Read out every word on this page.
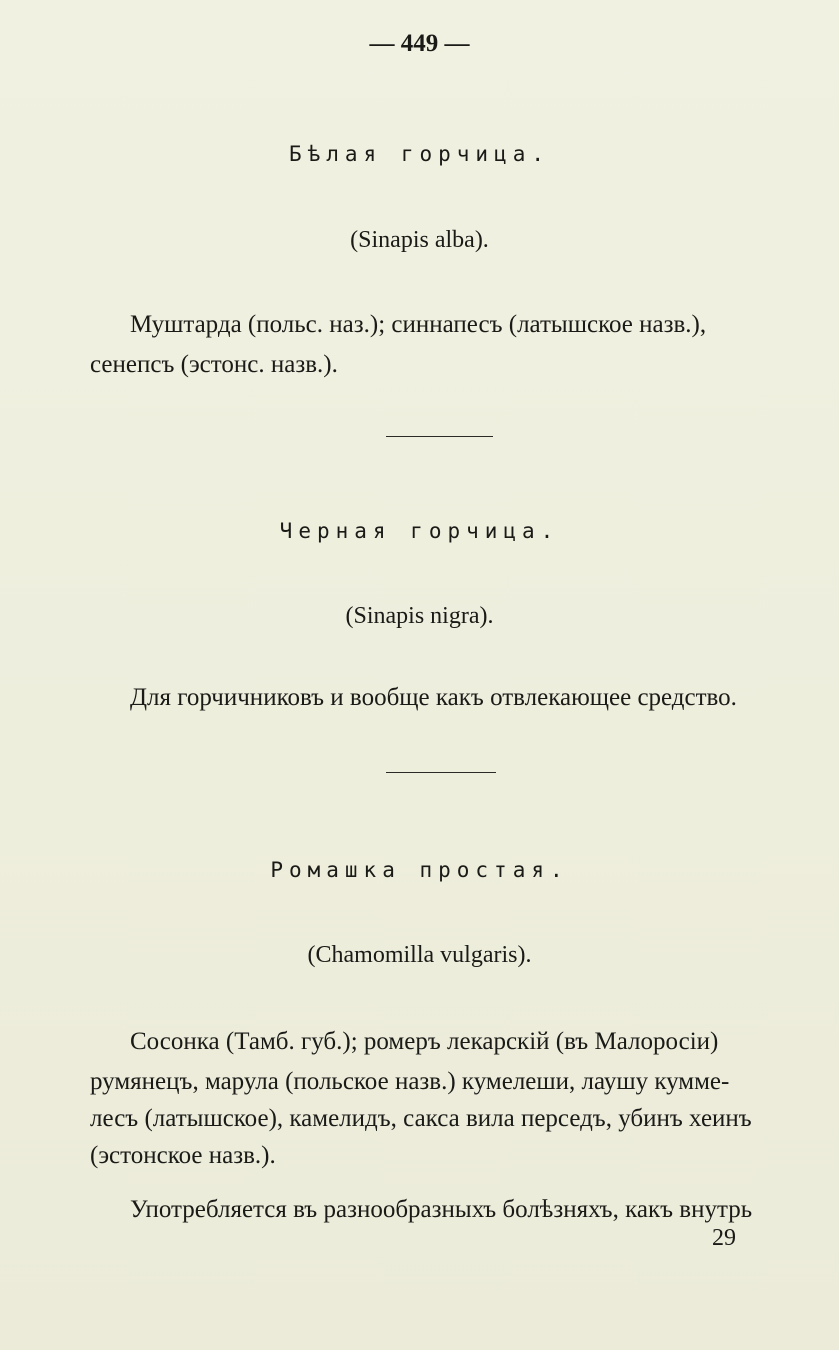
— 449 —
Бѣлая горчица.
(Sinapis alba).
Муштарда (польс. наз.); синнапесъ (латышское назв.),
сенепсъ (эстонс. назв.).
Черная горчица.
(Sinapis nigra).
Для горчичниковъ и вообще какъ отвлекающее средство.
Ромашка простая.
(Chamomilla vulgaris).
Сосонка (Тамб. губ.); ромеръ лекарскій (въ Малоросіи)
румянецъ, марула (польское назв.) кумелеши, лаушу кумме-
лесъ (латышское), камелидъ, сакса вила перседъ, убинъ хеинъ
(эстонское назв.).
Употребляется въ разнообразныхъ болѣзняхъ, какъ внутрь
29
